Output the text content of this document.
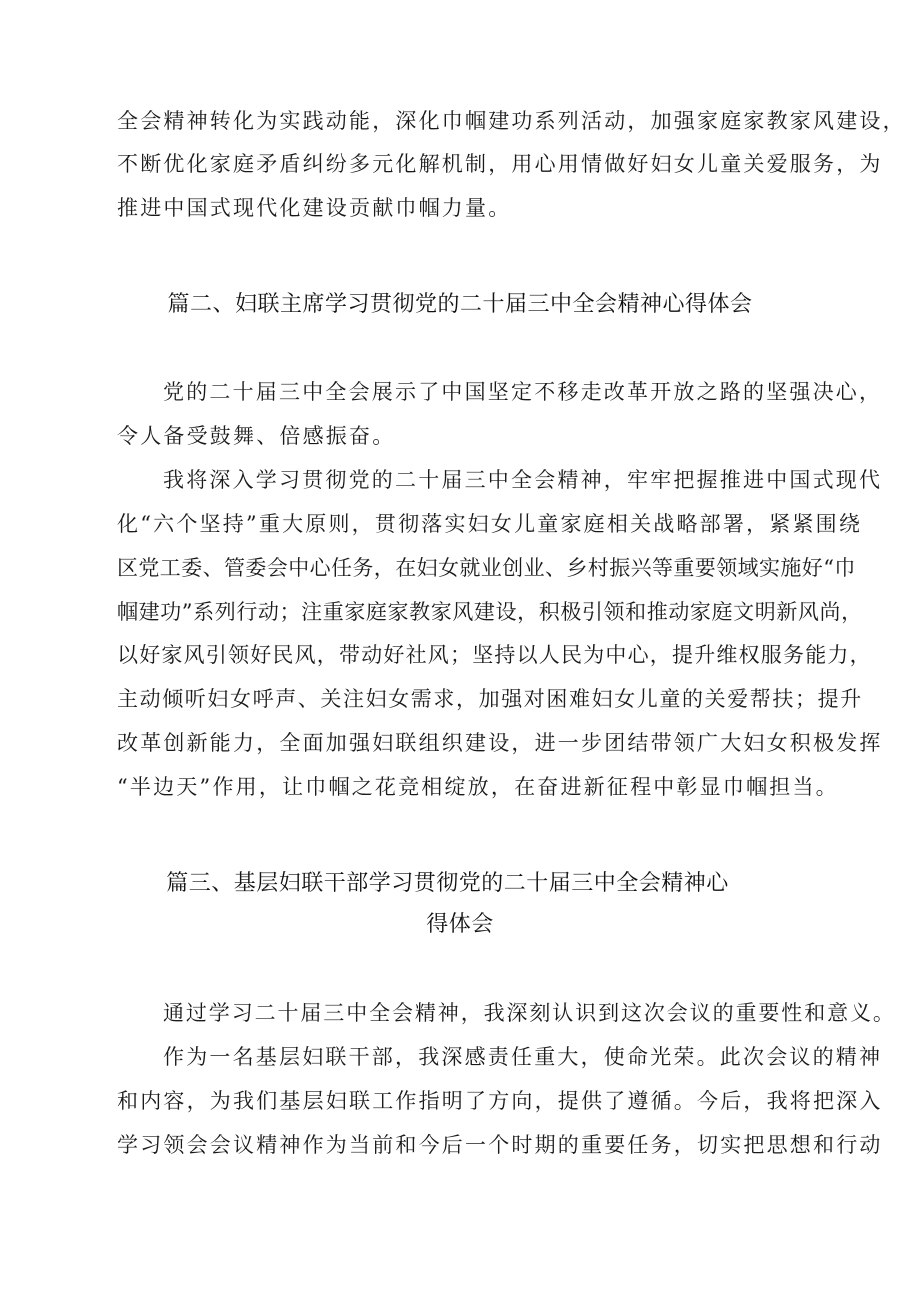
全会精神转化为实践动能，深化巾帼建功系列活动，加强家庭家教家风建设，
不断优化家庭矛盾纠纷多元化解机制，用心用情做好妇女儿童关爱服务，为
推进中国式现代化建设贡献巾帼力量。
篇二、妇联主席学习贯彻党的二十届三中全会精神心得体会
党的二十届三中全会展示了中国坚定不移走改革开放之路的坚强决心，
令人备受鼓舞、倍感振奋。
我将深入学习贯彻党的二十届三中全会精神，牢牢把握推进中国式现代
化“六个坚持”重大原则，贯彻落实妇女儿童家庭相关战略部署，紧紧围绕
区党工委、管委会中心任务，在妇女就业创业、乡村振兴等重要领域实施好“巾
帼建功”系列行动；注重家庭家教家风建设，积极引领和推动家庭文明新风尚，
以好家风引领好民风，带动好社风；坚持以人民为中心，提升维权服务能力，
主动倾听妇女呼声、关注妇女需求，加强对困难妇女儿童的关爱帮扶；提升
改革创新能力，全面加强妇联组织建设，进一步团结带领广大妇女积极发挥
“半边天”作用，让巾帼之花竞相绽放，在奋进新征程中彰显巾帼担当。
篇三、基层妇联干部学习贯彻党的二十届三中全会精神心
得体会
通过学习二十届三中全会精神，我深刻认识到这次会议的重要性和意义。
作为一名基层妇联干部，我深感责任重大，使命光荣。此次会议的精神
和内容，为我们基层妇联工作指明了方向，提供了遵循。今后，我将把深入
学习领会会议精神作为当前和今后一个时期的重要任务，切实把思想和行动
